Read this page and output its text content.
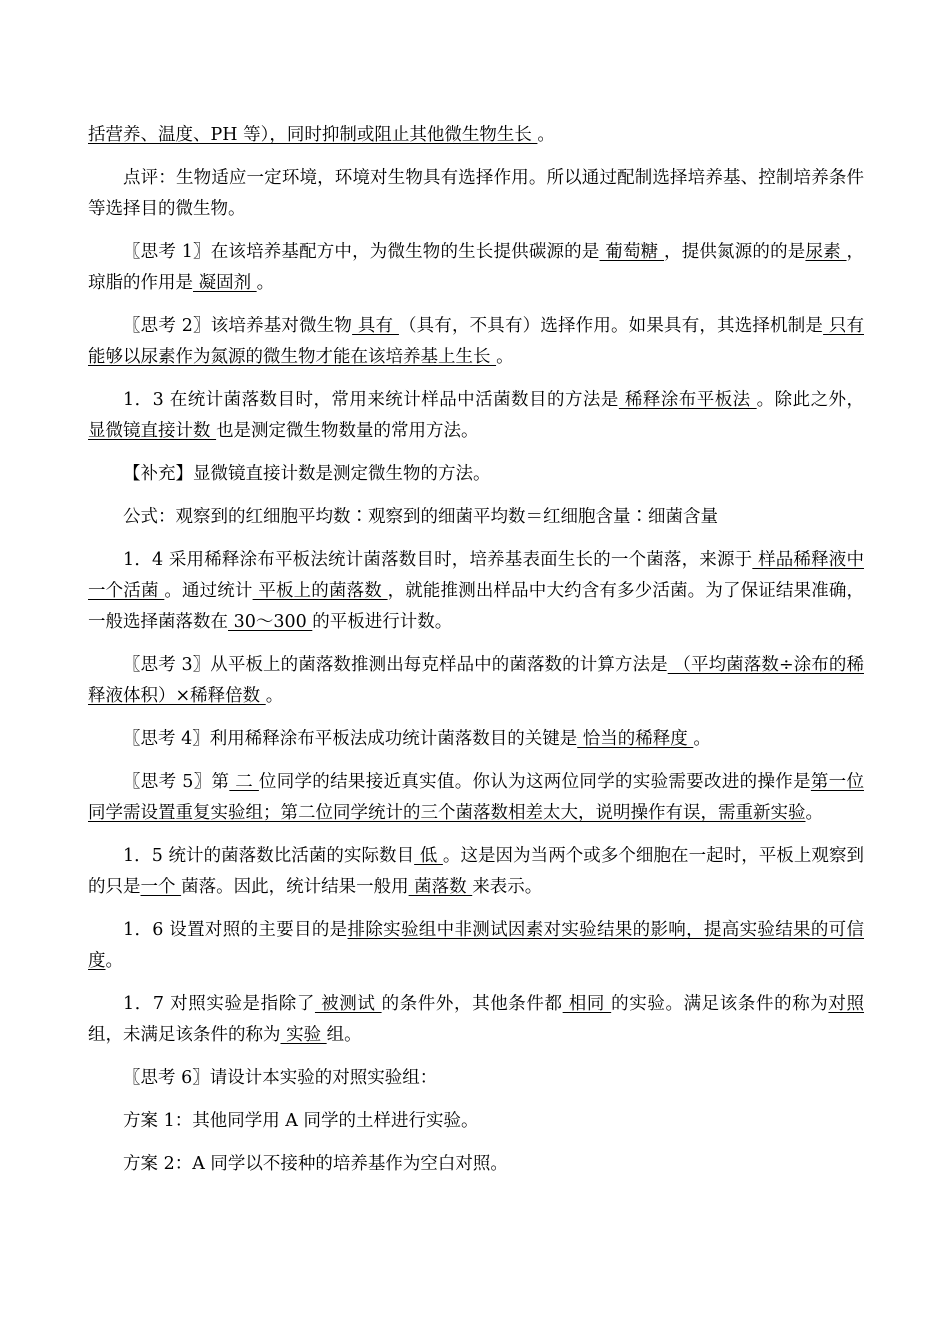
括营养、温度、PH 等），同时抑制或阻止其他微生物生长 。

点评：生物适应一定环境，环境对生物具有选择作用。所以通过配制选择培养基、控制培养条件等选择目的微生物。

〖思考 1〗在该培养基配方中，为微生物的生长提供碳源的是 葡萄糖 ，提供氮源的的是尿素 ，琼脂的作用是 凝固剂 。

〖思考 2〗该培养基对微生物 具有 （具有，不具有）选择作用。如果具有，其选择机制是 只有能够以尿素作为氮源的微生物才能在该培养基上生长 。

1．3 在统计菌落数目时，常用来统计样品中活菌数目的方法是 稀释涂布平板法 。除此之外， 显微镜直接计数 也是测定微生物数量的常用方法。

【补充】显微镜直接计数是测定微生物的方法。

公式：观察到的红细胞平均数∶观察到的细菌平均数＝红细胞含量∶细菌含量

1．4 采用稀释涂布平板法统计菌落数目时，培养基表面生长的一个菌落，来源于 样品稀释液中一个活菌 。通过统计 平板上的菌落数 ，就能推测出样品中大约含有多少活菌。为了保证结果准确，一般选择菌落数在 30～300 的平板进行计数。

〖思考 3〗从平板上的菌落数推测出每克样品中的菌落数的计算方法是 （平均菌落数÷涂布的稀释液体积）×稀释倍数 。

〖思考 4〗利用稀释涂布平板法成功统计菌落数目的关键是 恰当的稀释度 。

〖思考 5〗第 二 位同学的结果接近真实值。你认为这两位同学的实验需要改进的操作是第一位同学需设置重复实验组；第二位同学统计的三个菌落数相差太大，说明操作有误，需重新实验。

1．5 统计的菌落数比活菌的实际数目 低 。这是因为当两个或多个细胞在一起时，平板上观察到的只是一个 菌落。因此，统计结果一般用 菌落数 来表示。

1．6 设置对照的主要目的是排除实验组中非测试因素对实验结果的影响，提高实验结果的可信度。

1．7 对照实验是指除了 被测试 的条件外，其他条件都 相同 的实验。满足该条件的称为对照组，未满足该条件的称为 实验 组。

〖思考 6〗请设计本实验的对照实验组：

方案 1：其他同学用 A 同学的土样进行实验。

方案 2：A 同学以不接种的培养基作为空白对照。
